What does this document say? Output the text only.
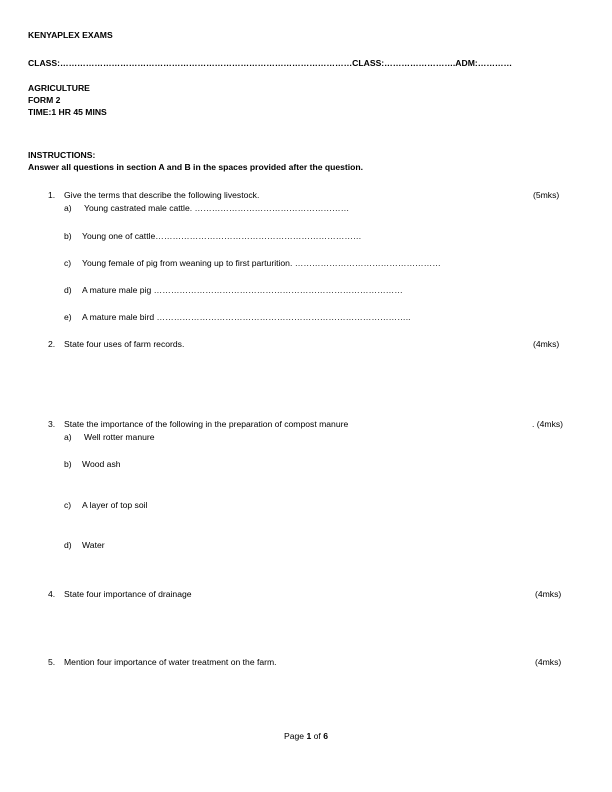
KENYAPLEX EXAMS
CLASS:…………………………………………………………………………………………CLASS:…………………….ADM:…………
AGRICULTURE
FORM 2
TIME:1 HR 45 MINS
INSTRUCTIONS:
Answer all questions in section A and B in the spaces provided after the question.
1. Give the terms that describe the following livestock.	(5mks)
a) Young castrated male cattle. ………………………………………………
b) Young one of cattle………………………………………………………………
c) Young female of pig from weaning up to first parturition. ……………………………………………
d) A mature male pig ……………………………………………………………………………
e) A mature male bird ……………………………………………………………………………..
2. State four uses of farm records.	(4mks)
3. State the importance of the following in the preparation of compost manure	. (4mks)
a) Well rotter manure
b) Wood ash
c) A layer of top soil
d) Water
4. State four importance of drainage	(4mks)
5. Mention four importance of water treatment on the farm.	(4mks)
Page 1 of 6
